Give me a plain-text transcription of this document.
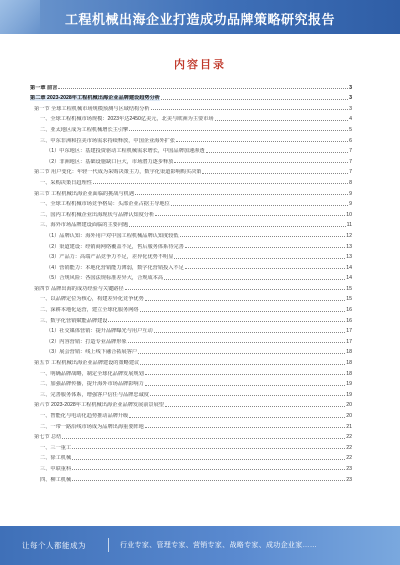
工程机械出海企业打造成功品牌策略研究报告
内容目录
第一章 前言	3
第二章 2023-2028年工程机械出海企业品牌建设趋势分析	3
第一节 全球工程机械市场规模预测与区域结构分析	3
一、全球工程机械市场规模：2023年达2450亿美元，北美与欧洲为主要市场	4
二、亚太地区成为工程机械增长主引擎	5
三、中东非洲和拉美市场需求持续释放，中国企业海外扩张	6
（1）中东地区：基建投资驱动工程机械需求增长，中国品牌加速渗透	7
（2）非洲地区：基础设施缺口巨大，市场潜力逐步释放	7
第二节 用户变化：年轻一代成为采购决策主力，数字化渠道影响购买决策	7
一、采购决策日趋理性	8
第三节 工程机械出海企业面临的挑战与机遇	9
一、全球工程机械市场竞争格局：头部企业占据主导地位	9
二、国内工程机械企业出海现状与品牌认知度分析	10
三、海外市场品牌建设面临的主要问题	11
（1）品牌认知：海外用户对中国工程机械品牌认知度较低	12
（2）渠道建设：经销商网络覆盖不足，售后服务体系待完善	13
（3）产品力：高端产品竞争力不足，差异化优势不明显	13
（4）营销能力：本地化营销能力薄弱，数字化营销投入不足	14
（5）合规风险：各国法规标准差异大，合规成本高	14
第四节 品牌出海的成功经验与关键路径	15
一、以品牌定位为核心，构建差异化竞争优势	15
二、深耕本地化运营，建立全球化服务网络	16
三、数字化营销赋能品牌建设	16
（1）社交媒体营销：提升品牌曝光与用户互动	17
（2）内容营销：打造专业品牌形象	17
（3）展会营销：线上线下融合拓展客户	18
第五节 工程机械出海企业品牌建设的策略建议	18
一、明确品牌战略，制定全球化品牌发展规划	18
二、加强品牌传播，提升海外市场品牌影响力	19
三、完善服务体系，增强客户信任与品牌忠诚度	19
第六节 2023-2028年工程机械出海企业品牌发展前景展望	20
一、智能化与电动化趋势推动品牌升级	20
二、一带一路沿线市场成为品牌出海重要阵地	21
第七节 总结	22
一、三一重工	22
二、徐工机械	22
三、中联重科	23
四、柳工机械	23
让每个人都能成为	行业专家、管理专家、营销专家、战略专家、成功企业家……
